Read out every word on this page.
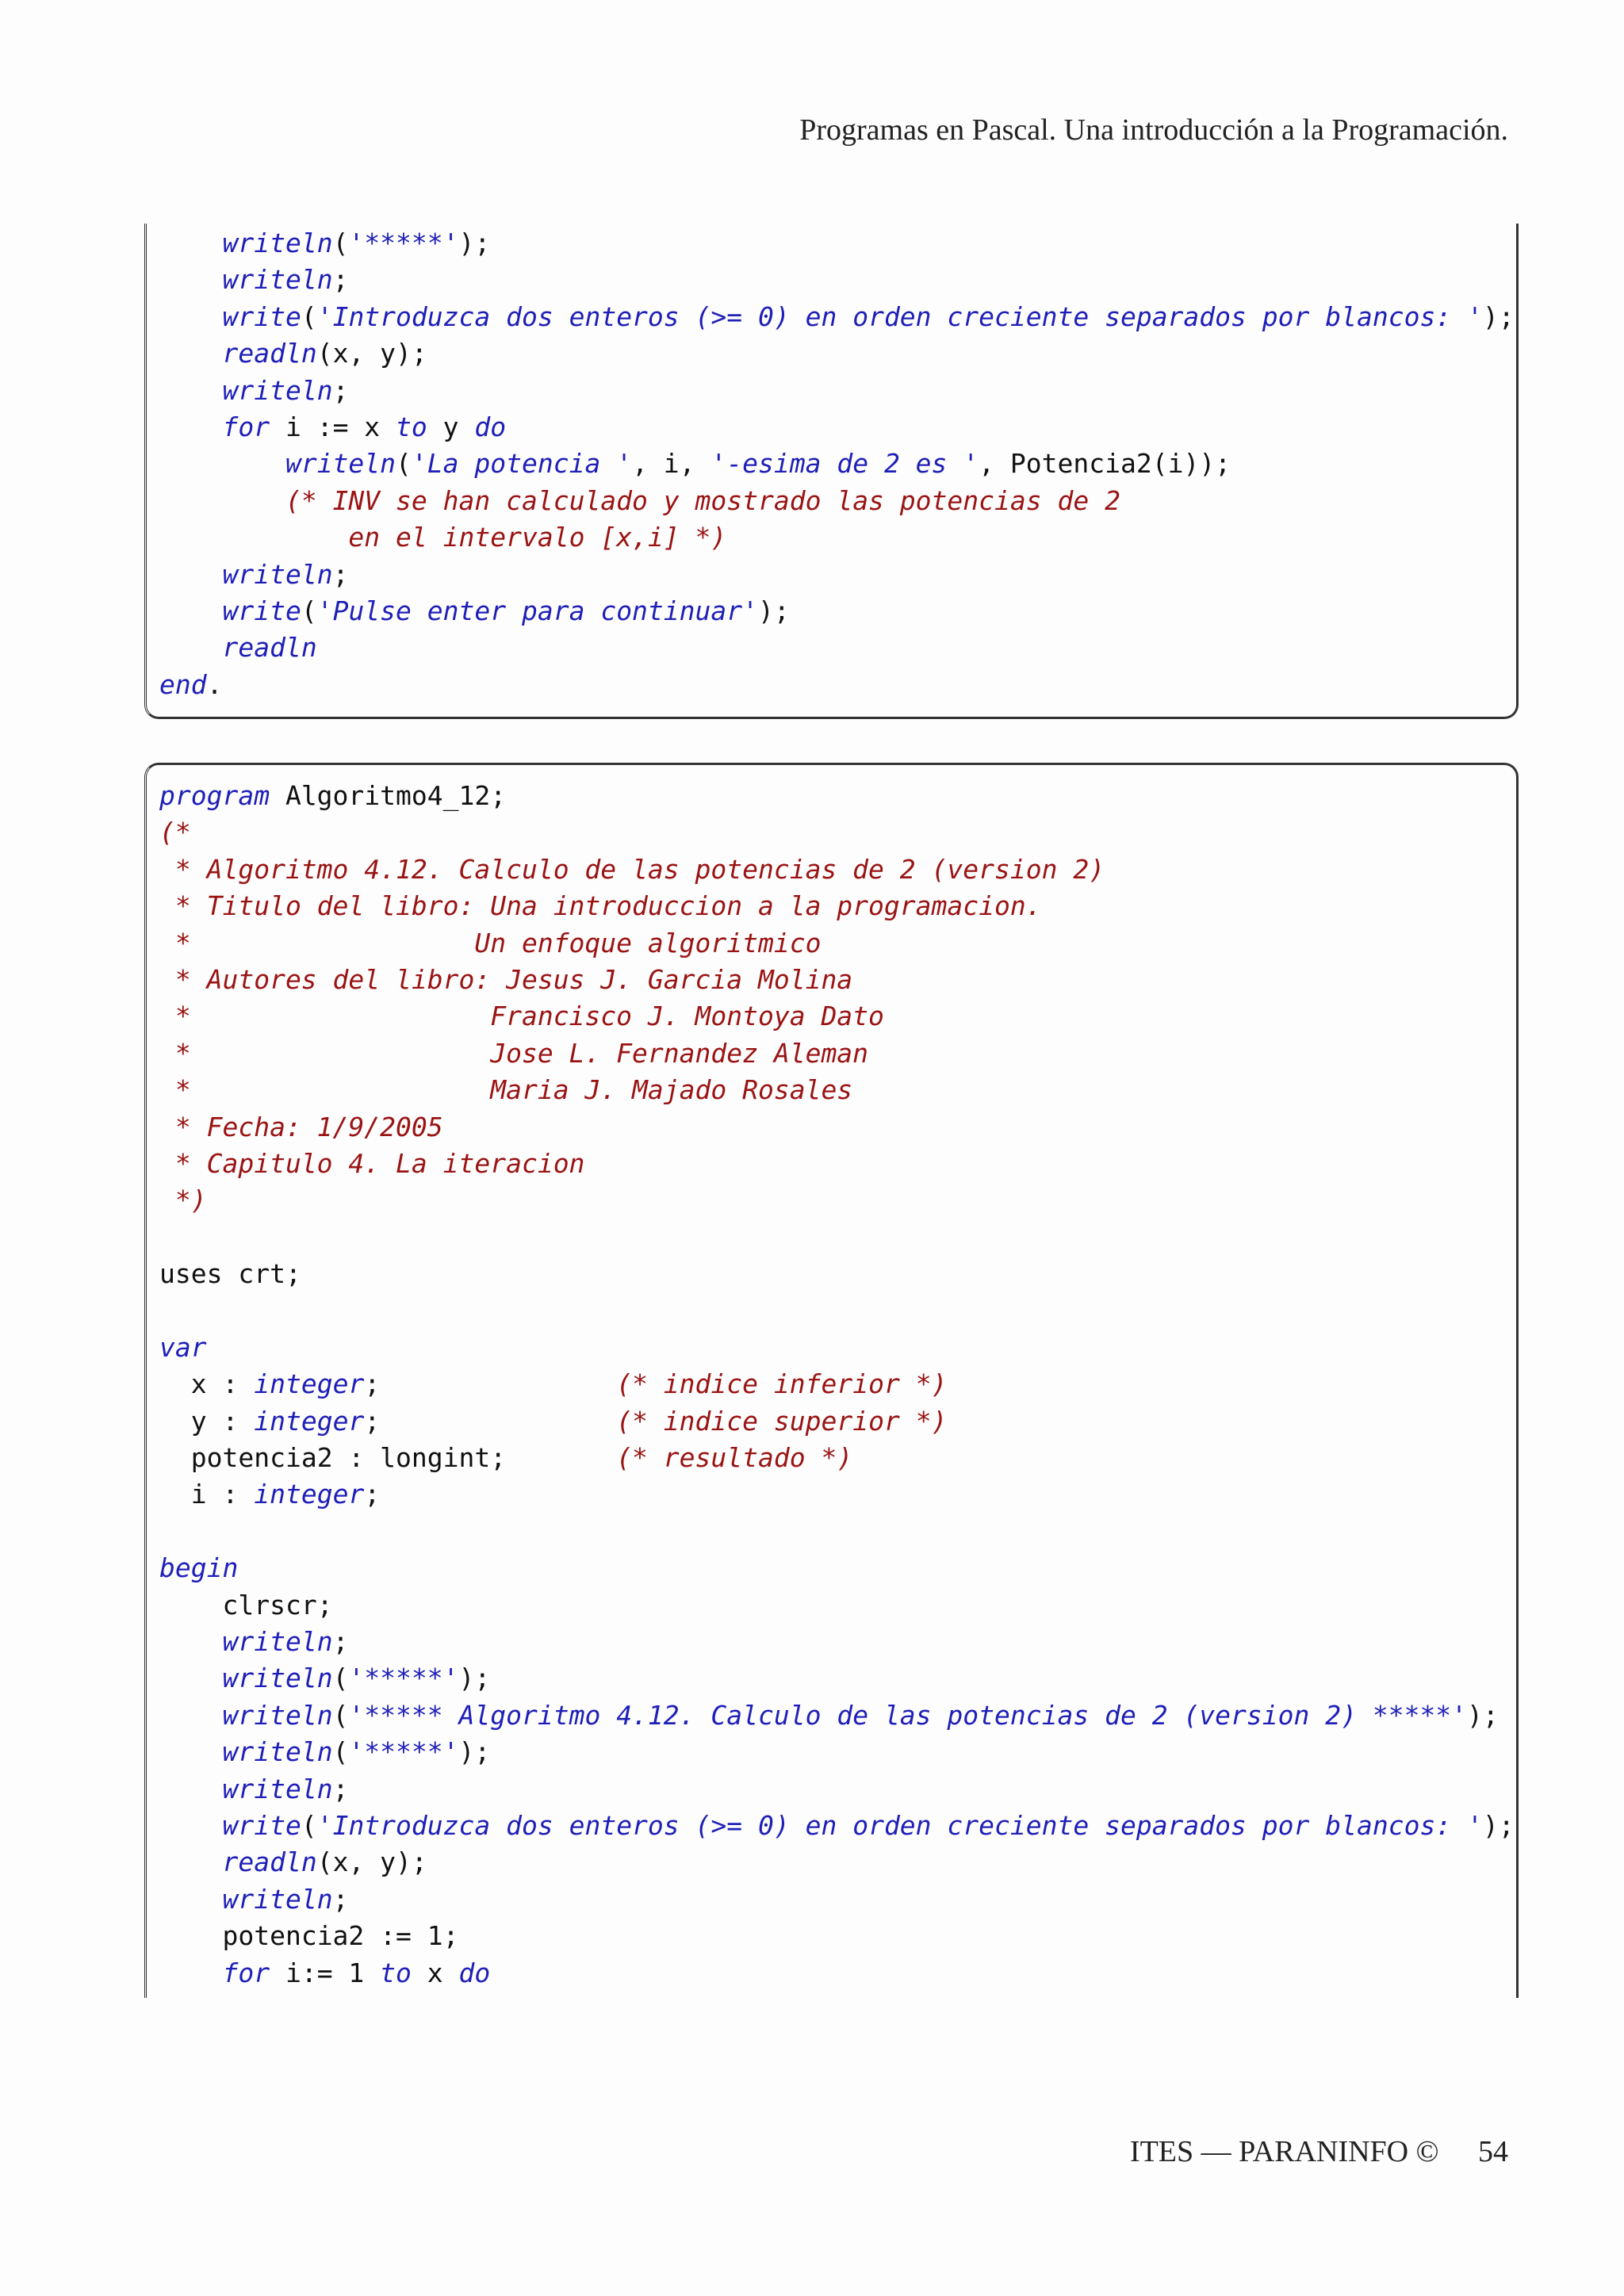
Programas en Pascal. Una introducción a la Programación.
writeln('*****');
writeln;
write('Introduzca dos enteros (>= 0) en orden creciente separados por blancos: ');
readln(x, y);
writeln;
for i := x to y do
writeln('La potencia ', i, '-esima de 2 es ', Potencia2(i));
(* INV se han calculado y mostrado las potencias de 2
en el intervalo [x,i] *)
writeln;
write('Pulse enter para continuar');
readln
end.
program Algoritmo4_12;
(*
* Algoritmo 4.12. Calculo de las potencias de 2 (version 2)
* Titulo del libro: Una introduccion a la programacion.
*                  Un enfoque algoritmico
* Autores del libro: Jesus J. Garcia Molina
*                   Francisco J. Montoya Dato
*                   Jose L. Fernandez Aleman
*                   Maria J. Majado Rosales
* Fecha: 1/9/2005
* Capitulo 4. La iteracion
*)
uses crt;
var
x : integer;               (* indice inferior *)
y : integer;               (* indice superior *)
potencia2 : longint;       (* resultado *)
i : integer;
begin
clrscr;
writeln;
writeln('*****');
writeln('***** Algoritmo 4.12. Calculo de las potencias de 2 (version 2) *****');
writeln('*****');
writeln;
write('Introduzca dos enteros (>= 0) en orden creciente separados por blancos: ');
readln(x, y);
writeln;
potencia2 := 1;
for i:= 1 to x do
ITES — PARANINFO © 54
